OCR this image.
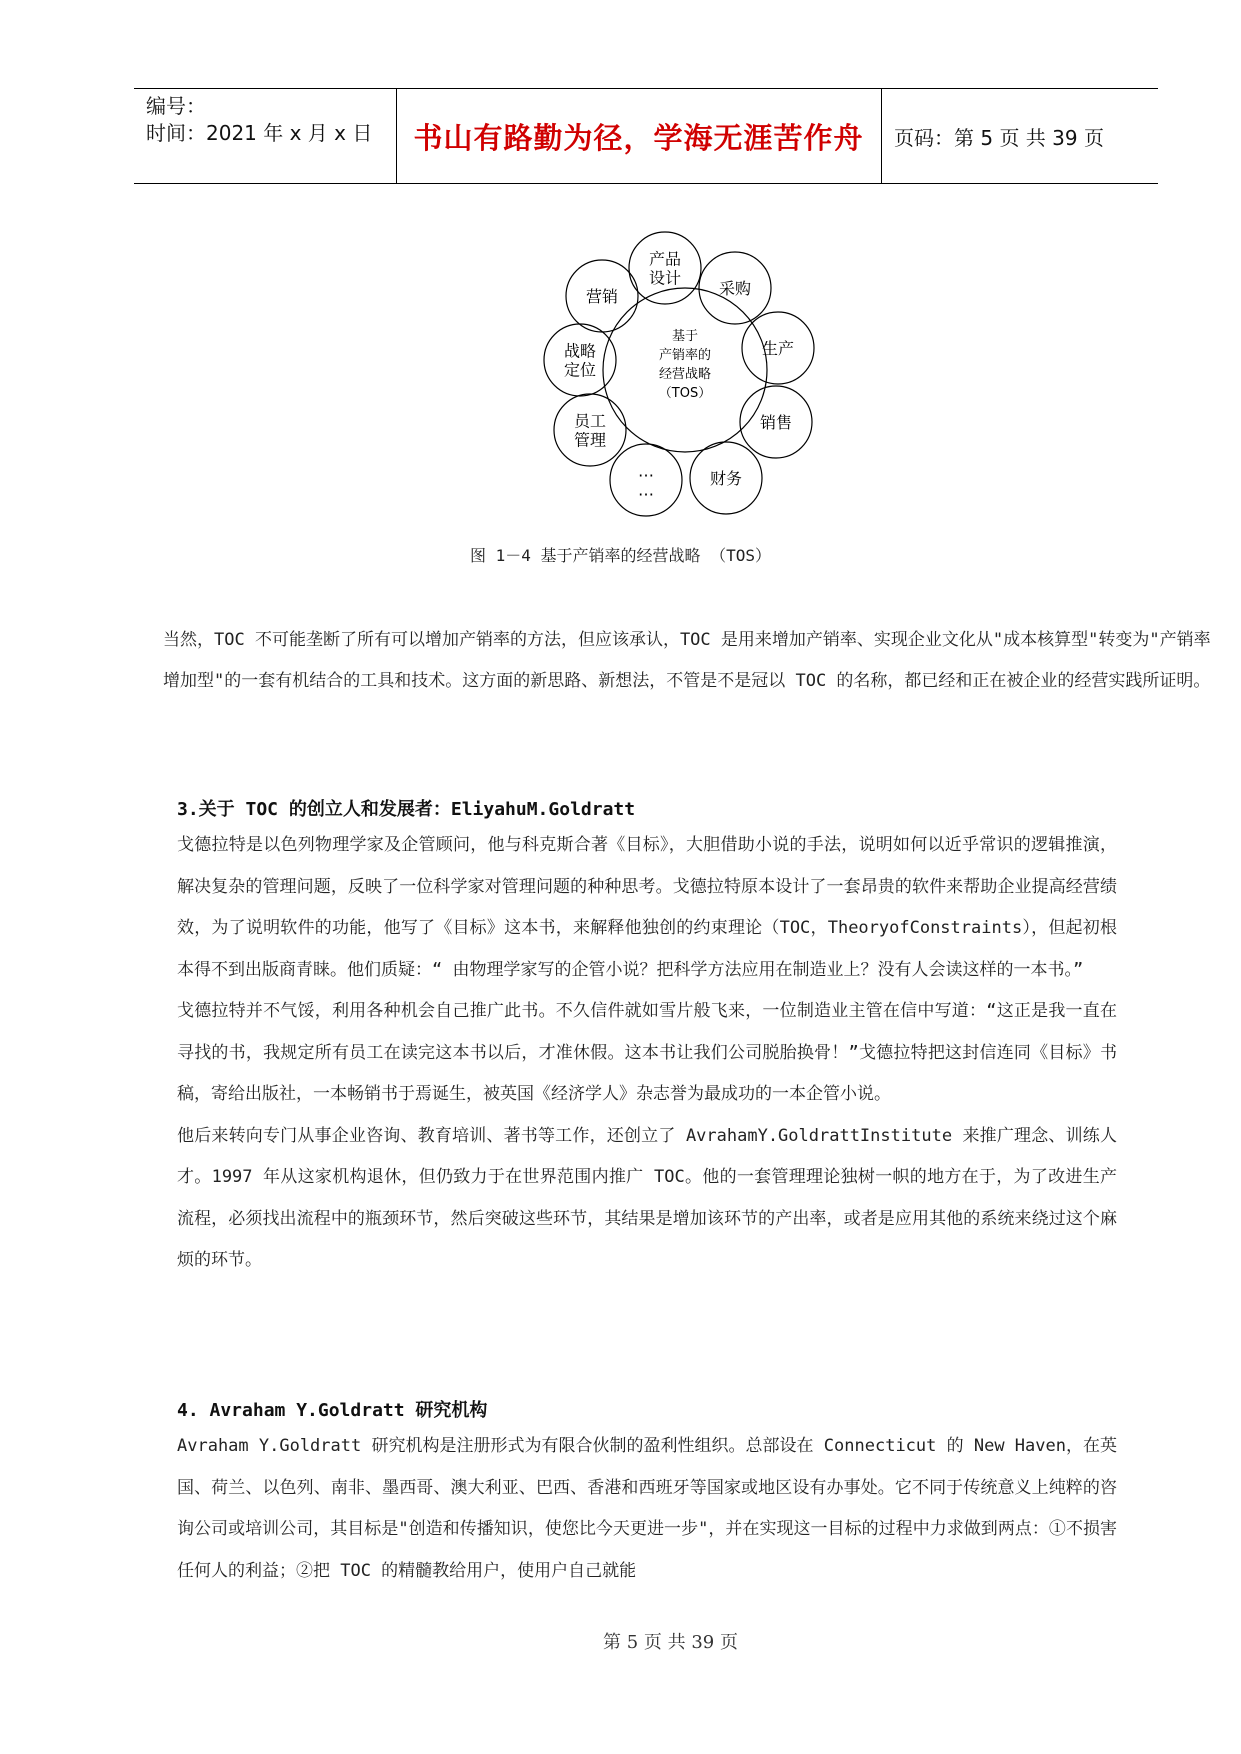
编号：
时间：2021 年 x 月 x 日	书山有路勤为径，学海无涯苦作舟	页码：第 5 页 共 39 页
基于
产销率的
经营战略
（TOS）
产品
设计
采购
生产
销售
财务
…
…
员工
管理
战略
定位
营销
图 1－4 基于产销率的经营战略 （TOS）

当然，TOC 不可能垄断了所有可以增加产销率的方法，但应该承认，TOC 是用来增加产销率、实现企业文化从"成本核算型"转变为"产销率增加型"的一套有机结合的工具和技术。这方面的新思路、新想法，不管是不是冠以 TOC 的名称，都已经和正在被企业的经营实践所证明。

3.关于 TOC 的创立人和发展者：EliyahuM.Goldratt

戈德拉特是以色列物理学家及企管顾问，他与科克斯合著《目标》，大胆借助小说的手法，说明如何以近乎常识的逻辑推演，解决复杂的管理问题，反映了一位科学家对管理问题的种种思考。戈德拉特原本设计了一套昂贵的软件来帮助企业提高经营绩效，为了说明软件的功能，他写了《目标》这本书，来解释他独创的约束理论（TOC，TheoryofConstraints），但起初根本得不到出版商青睐。他们质疑：“ 由物理学家写的企管小说？把科学方法应用在制造业上？没有人会读这样的一本书。”

戈德拉特并不气馁，利用各种机会自己推广此书。不久信件就如雪片般飞来，一位制造业主管在信中写道：“这正是我一直在寻找的书，我规定所有员工在读完这本书以后，才准休假。这本书让我们公司脱胎换骨！”戈德拉特把这封信连同《目标》书稿，寄给出版社，一本畅销书于焉诞生，被英国《经济学人》杂志誉为最成功的一本企管小说。

他后来转向专门从事企业咨询、教育培训、著书等工作，还创立了 AvrahamY.GoldrattInstitute 来推广理念、训练人才。1997 年从这家机构退休，但仍致力于在世界范围内推广 TOC。他的一套管理理论独树一帜的地方在于，为了改进生产流程，必须找出流程中的瓶颈环节，然后突破这些环节，其结果是增加该环节的产出率，或者是应用其他的系统来绕过这个麻烦的环节。

4. Avraham Y.Goldratt 研究机构

Avraham Y.Goldratt 研究机构是注册形式为有限合伙制的盈利性组织。总部设在 Connecticut 的 New Haven，在英国、荷兰、以色列、南非、墨西哥、澳大利亚、巴西、香港和西班牙等国家或地区设有办事处。它不同于传统意义上纯粹的咨询公司或培训公司，其目标是"创造和传播知识，使您比今天更进一步"，并在实现这一目标的过程中力求做到两点：①不损害任何人的利益；②把 TOC 的精髓教给用户，使用户自己就能

第 5 页 共 39 页
